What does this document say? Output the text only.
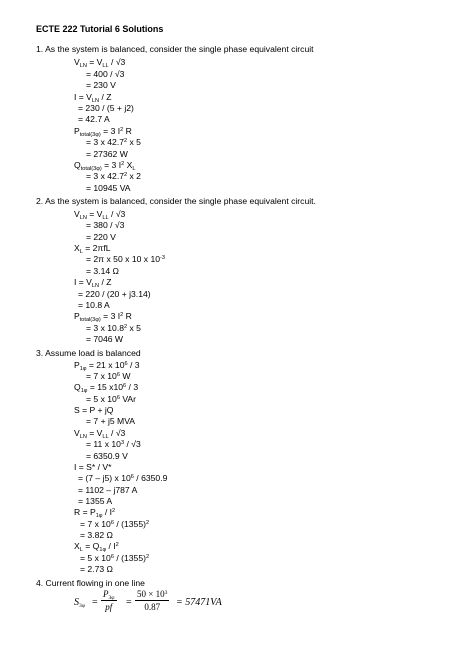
ECTE 222 Tutorial 6 Solutions
1. As the system is balanced, consider the single phase equivalent circuit
$V_{LN} = V_{LL} / √3$
= 400 / √3
= 230 V
$I = V_{LN} / Z$
= 230 / (5 + j2)
= 42.7 A
$P_{total(3\varphi)} = 3$ $I^2$ R
= 3 x 42.7$^2$ x 5
= 27362 W
$Q_{total(3\varphi)} = 3$ $I^2$ $X_L$
= 3 x 42.7$^2$ x 2
= 10945 VA
2. As the system is balanced, consider the single phase equivalent circuit.
$V_{LN} = V_{LL} / √3$
= 380 / √3
= 220 V
$X_L = 2\pi fL$
= 2π x 50 x 10 x $10^{-3}$
= 3.14 Ω
$I = V_{LN} / Z$
= 220 / (20 + j3.14)
= 10.8 A
$P_{total(3\varphi)} = 3$ $I^2$ R
= 3 x 10.8$^2$ x 5
= 7046 W
3. Assume load is balanced
$P_{1\varphi} = 21$ x $10^6 / 3$
= 7 x $10^6$ W
$Q_{1\varphi} = 15$ $x10^6 / 3$
= 5 x $10^6$ VAr
S = P + jQ
= 7 + j5 MVA
$V_{LN} = V_{LL} / √3$
= 11 x $10^3 / √3$
= 6350.9 V
I = S* / V*
= (7 – j5) x $10^6 / 6350.9$
= 1102 – j787 A
= 1355 A
$R = P_{1\varphi} / I^2$
= 7 x $10^6 / (1355)^2$
= 3.82 Ω
$X_L = Q_{1\varphi} / I^2$
= 5 x $10^6 / (1355)^2$
= 2.73 Ω
4. Current flowing in one line
$S_{3\varphi} = \frac{P_{3\varphi}}{pf} = \frac{50 \times 10^3}{0.87} = 57471VA$
